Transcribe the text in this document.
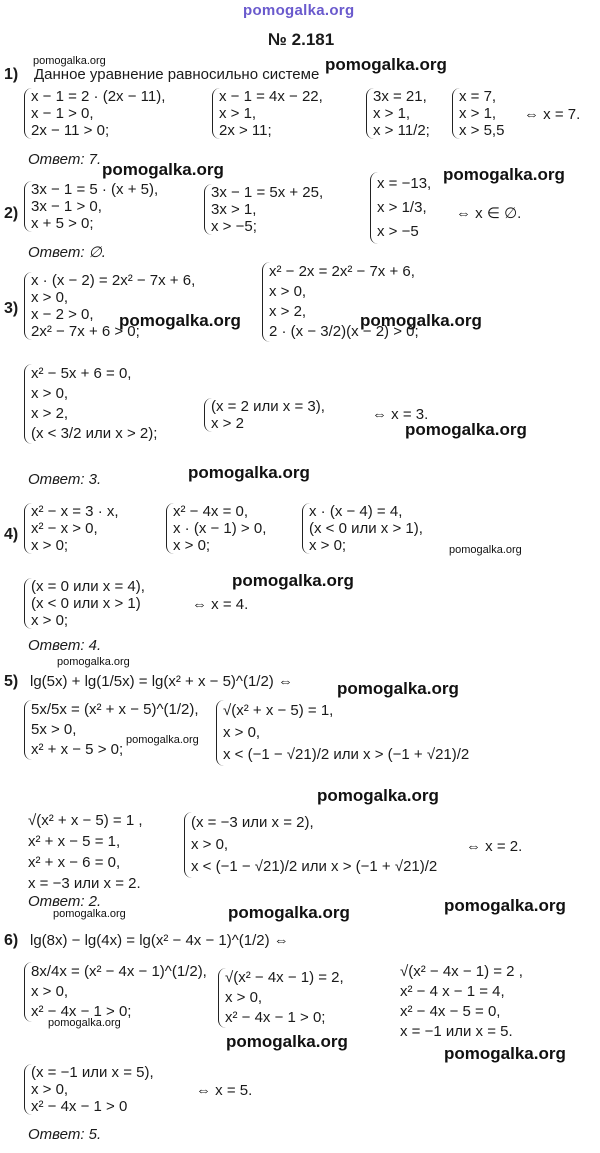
pomogalka.org
pomogalka.org	pomogalka.org
pomogalka.org	pomogalka.org
pomogalka.org	pomogalka.org
pomogalka.org
pomogalka.org
pomogalka.org
pomogalka.org
pomogalka.org
pomogalka.org
pomogalka.org
pomogalka.org
pomogalka.org	pomogalka.org	pomogalka.org
pomogalka.org
pomogalka.org
pomogalka.org
№ 2.181
1) Данное уравнение равносильно системе
x − 1 = 2 · (2x − 11),
x − 1 > 0,
2x − 11 > 0;
x − 1 = 4x − 22,
x > 1,
2x > 11;
3x = 21,
x > 1,
x > 11/2;
x = 7,
x > 1,
x > 5,5
⇔ x = 7.
Ответ: 7.
2)
3x − 1 = 5 · (x + 5),
3x − 1 > 0,
x + 5 > 0;
3x − 1 = 5x + 25,
3x > 1,
x > −5;
x = −13,
x > 1/3,
x > −5
⇔ x ∈ ∅.
Ответ: ∅.
3)
x · (x − 2) = 2x² − 7x + 6,
x > 0,
x − 2 > 0,
2x² − 7x + 6 > 0;
x² − 2x = 2x² − 7x + 6,
x > 0,
x > 2,
2 · (x − 3/2)(x − 2) > 0;
x² − 5x + 6 = 0,
x > 0,
x > 2,
(x < 3/2 или x > 2);
(x = 2 или x = 3),
x > 2
⇔ x = 3.
Ответ: 3.
4)
x² − x = 3 · x,
x² − x > 0,
x > 0;
x² − 4x = 0,
x · (x − 1) > 0,
x > 0;
x · (x − 4) = 4,
(x < 0 или x > 1),
x > 0;
(x = 0 или x = 4),
(x < 0 или x > 1)
x > 0;
⇔ x = 4.
Ответ: 4.
5) lg(5x) + lg(1/5x) = lg(x² + x − 5)^(1/2) ⇔
5x/5x = (x² + x − 5)^(1/2),
5x > 0,
x² + x − 5 > 0;
√(x² + x − 5) = 1,
x > 0,
x < (−1 − √21)/2 или x > (−1 + √21)/2
√(x² + x − 5) = 1 ,
x² + x − 5 = 1,
x² + x − 6 = 0,
x = −3 или x = 2.
(x = −3 или x = 2),
x > 0,
x < (−1 − √21)/2 или x > (−1 + √21)/2
⇔ x = 2.
Ответ: 2.
6) lg(8x) − lg(4x) = lg(x² − 4x − 1)^(1/2) ⇔
8x/4x = (x² − 4x − 1)^(1/2),
x > 0,
x² − 4x − 1 > 0;
√(x² − 4x − 1) = 2,
x > 0,
x² − 4x − 1 > 0;
√(x² − 4x − 1) = 2 ,
x² − 4 x − 1 = 4,
x² − 4x − 5 = 0,
x = −1 или x = 5.
(x = −1 или x = 5),
x > 0,
x² − 4x − 1 > 0
⇔ x = 5.
Ответ: 5.
